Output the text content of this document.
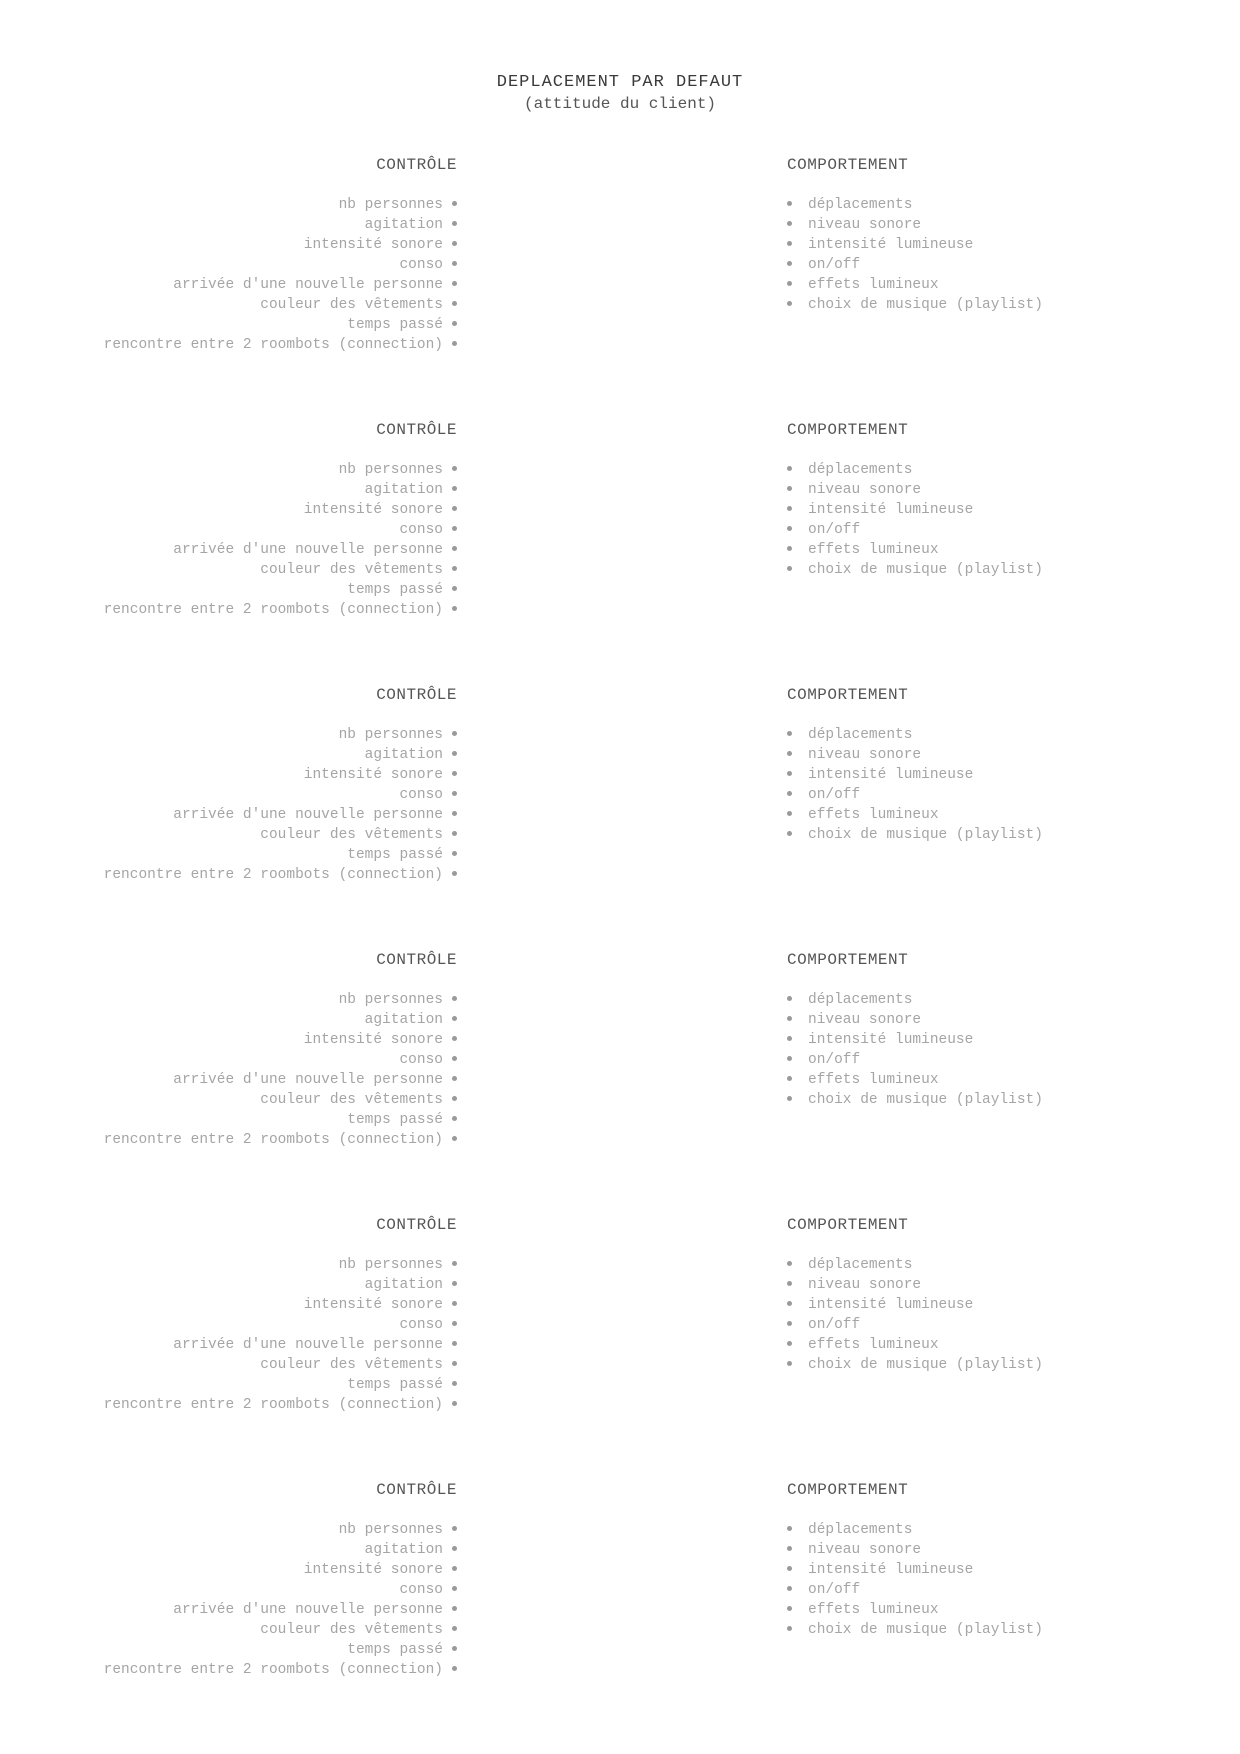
DEPLACEMENT PAR DEFAUT
(attitude du client)
CONTRÔLE
nb personnes
agitation
intensité sonore
conso
arrivée d'une nouvelle personne
couleur des vêtements
temps passé
rencontre entre 2 roombots (connection)
COMPORTEMENT
déplacements
niveau sonore
intensité lumineuse
on/off
effets lumineux
choix de musique (playlist)
CONTRÔLE
nb personnes
agitation
intensité sonore
conso
arrivée d'une nouvelle personne
couleur des vêtements
temps passé
rencontre entre 2 roombots (connection)
COMPORTEMENT
déplacements
niveau sonore
intensité lumineuse
on/off
effets lumineux
choix de musique (playlist)
CONTRÔLE
nb personnes
agitation
intensité sonore
conso
arrivée d'une nouvelle personne
couleur des vêtements
temps passé
rencontre entre 2 roombots (connection)
COMPORTEMENT
déplacements
niveau sonore
intensité lumineuse
on/off
effets lumineux
choix de musique (playlist)
CONTRÔLE
nb personnes
agitation
intensité sonore
conso
arrivée d'une nouvelle personne
couleur des vêtements
temps passé
rencontre entre 2 roombots (connection)
COMPORTEMENT
déplacements
niveau sonore
intensité lumineuse
on/off
effets lumineux
choix de musique (playlist)
CONTRÔLE
nb personnes
agitation
intensité sonore
conso
arrivée d'une nouvelle personne
couleur des vêtements
temps passé
rencontre entre 2 roombots (connection)
COMPORTEMENT
déplacements
niveau sonore
intensité lumineuse
on/off
effets lumineux
choix de musique (playlist)
CONTRÔLE
nb personnes
agitation
intensité sonore
conso
arrivée d'une nouvelle personne
couleur des vêtements
temps passé
rencontre entre 2 roombots (connection)
COMPORTEMENT
déplacements
niveau sonore
intensité lumineuse
on/off
effets lumineux
choix de musique (playlist)
